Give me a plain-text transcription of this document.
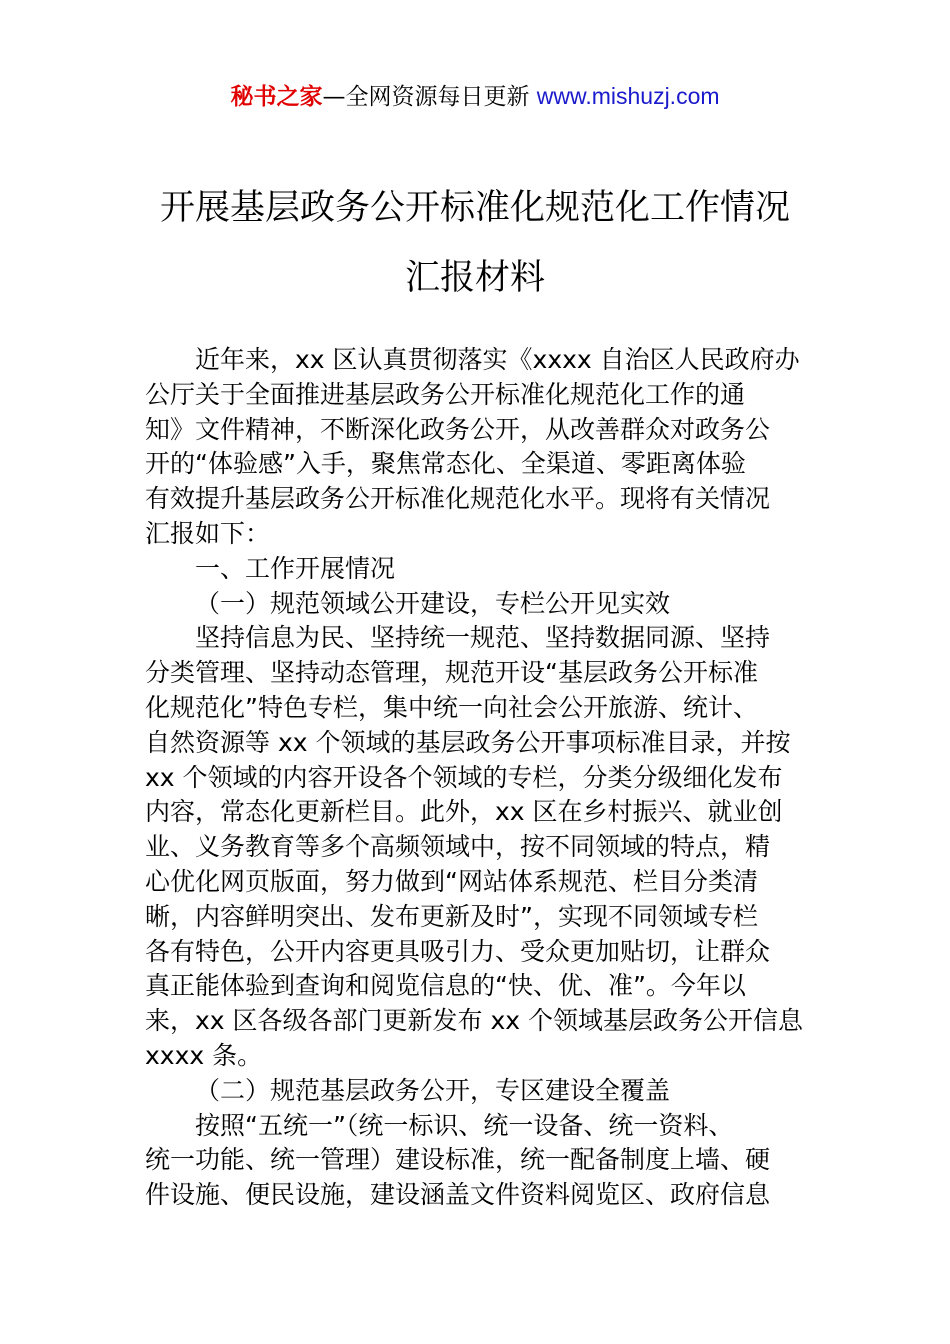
秘书之家—全网资源每日更新 www.mishuzj.com
开展基层政务公开标准化规范化工作情况
汇报材料
近年来，xx 区认真贯彻落实《xxxx 自治区人民政府办
公厅关于全面推进基层政务公开标准化规范化工作的通
知》文件精神，不断深化政务公开，从改善群众对政务公
开的“体验感”入手，聚焦常态化、全渠道、零距离体验
有效提升基层政务公开标准化规范化水平。现将有关情况
汇报如下：
一、工作开展情况
（一）规范领域公开建设，专栏公开见实效
坚持信息为民、坚持统一规范、坚持数据同源、坚持
分类管理、坚持动态管理，规范开设“基层政务公开标准
化规范化”特色专栏，集中统一向社会公开旅游、统计、
自然资源等 xx 个领域的基层政务公开事项标准目录，并按
xx 个领域的内容开设各个领域的专栏，分类分级细化发布
内容，常态化更新栏目。此外，xx 区在乡村振兴、就业创
业、义务教育等多个高频领域中，按不同领域的特点，精
心优化网页版面，努力做到“网站体系规范、栏目分类清
晰，内容鲜明突出、发布更新及时”，实现不同领域专栏
各有特色，公开内容更具吸引力、受众更加贴切，让群众
真正能体验到查询和阅览信息的“快、优、准”。今年以
来，xx 区各级各部门更新发布 xx 个领域基层政务公开信息
xxxx 条。
（二）规范基层政务公开，专区建设全覆盖
按照“五统一”（统一标识、统一设备、统一资料、
统一功能、统一管理）建设标准，统一配备制度上墙、硬
件设施、便民设施，建设涵盖文件资料阅览区、政府信息
